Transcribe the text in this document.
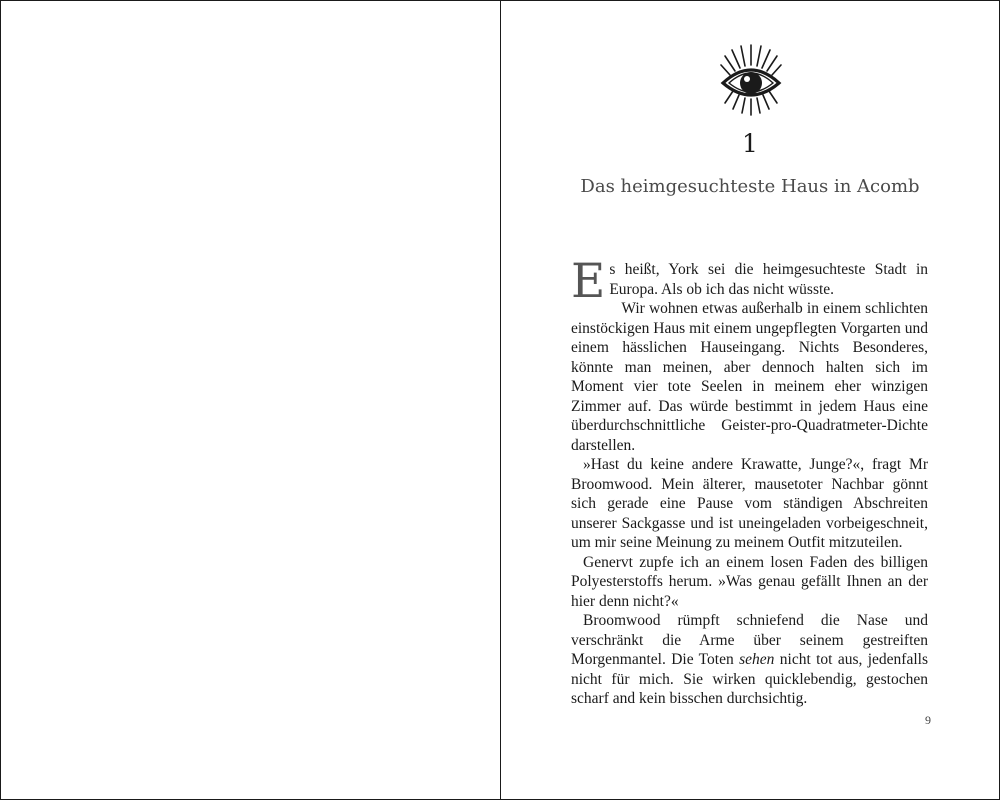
1
Das heimgesuchteste Haus in Acomb

Es heißt, York sei die heimgesuchteste Stadt in Europa. Als ob ich das nicht wüsste.

Wir wohnen etwas außerhalb in einem schlichten einstöckigen Haus mit einem ungepflegten Vorgarten und einem hässlichen Hauseingang. Nichts Besonderes, könnte man meinen, aber dennoch halten sich im Moment vier tote Seelen in meinem eher winzigen Zimmer auf. Das würde bestimmt in jedem Haus eine überdurchschnittliche Geister-pro-Quadratmeter-Dichte darstellen.

»Hast du keine andere Krawatte, Junge?«, fragt Mr Broomwood. Mein älterer, mausetoter Nachbar gönnt sich gerade eine Pause vom ständigen Abschreiten unserer Sackgasse und ist uneingeladen vorbeigeschneit, um mir seine Meinung zu meinem Outfit mitzuteilen.

Genervt zupfe ich an einem losen Faden des billigen Polyesterstoffs herum. »Was genau gefällt Ihnen an der hier denn nicht?«

Broomwood rümpft schniefend die Nase und verschränkt die Arme über seinem gestreiften Morgenmantel. Die Toten sehen nicht tot aus, jedenfalls nicht für mich. Sie wirken quicklebendig, gestochen scharf and kein bisschen durchsichtig.

9
